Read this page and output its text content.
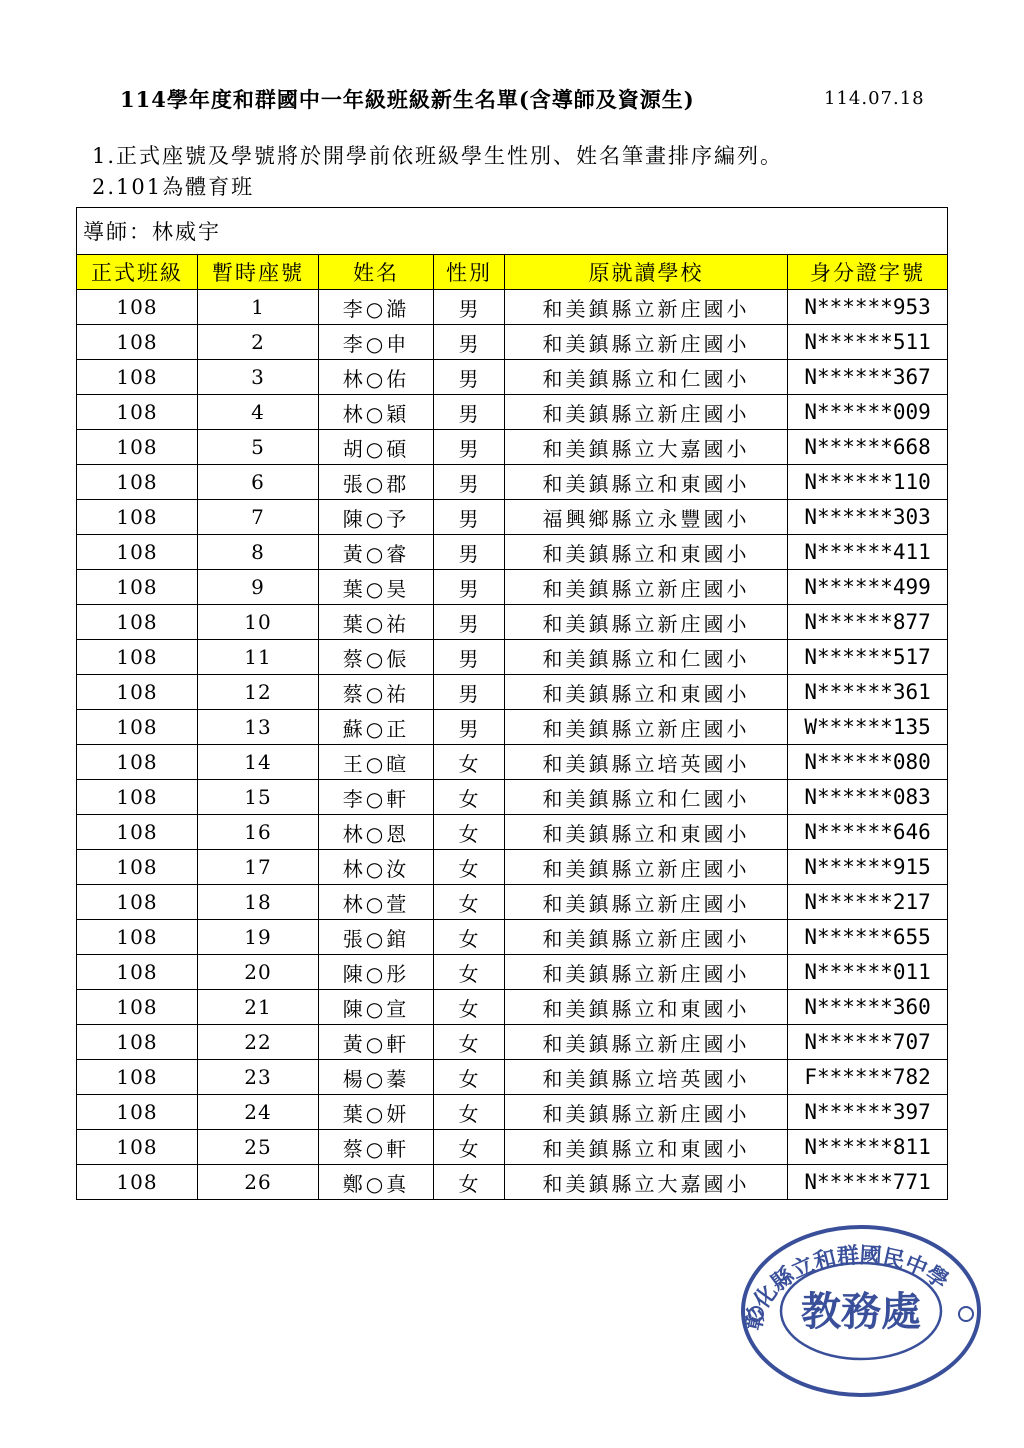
114學年度和群國中一年級班級新生名單(含導師及資源生)	114.07.18
1.正式座號及學號將於開學前依班級學生性別、姓名筆畫排序編列。
2.101為體育班
導師：林威宇					
正式班級	暫時座號	姓名	性別	原就讀學校	身分證字號
108	1	李○澔	男	和美鎮縣立新庄國小	N******953
108	2	李○申	男	和美鎮縣立新庄國小	N******511
108	3	林○佑	男	和美鎮縣立和仁國小	N******367
108	4	林○穎	男	和美鎮縣立新庄國小	N******009
108	5	胡○碩	男	和美鎮縣立大嘉國小	N******668
108	6	張○郡	男	和美鎮縣立和東國小	N******110
108	7	陳○予	男	福興鄉縣立永豐國小	N******303
108	8	黃○睿	男	和美鎮縣立和東國小	N******411
108	9	葉○昊	男	和美鎮縣立新庄國小	N******499
108	10	葉○祐	男	和美鎮縣立新庄國小	N******877
108	11	蔡○侲	男	和美鎮縣立和仁國小	N******517
108	12	蔡○祐	男	和美鎮縣立和東國小	N******361
108	13	蘇○正	男	和美鎮縣立新庄國小	W******135
108	14	王○暄	女	和美鎮縣立培英國小	N******080
108	15	李○軒	女	和美鎮縣立和仁國小	N******083
108	16	林○恩	女	和美鎮縣立和東國小	N******646
108	17	林○汝	女	和美鎮縣立新庄國小	N******915
108	18	林○萱	女	和美鎮縣立新庄國小	N******217
108	19	張○錧	女	和美鎮縣立新庄國小	N******655
108	20	陳○彤	女	和美鎮縣立新庄國小	N******011
108	21	陳○宣	女	和美鎮縣立和東國小	N******360
108	22	黃○軒	女	和美鎮縣立新庄國小	N******707
108	23	楊○蓁	女	和美鎮縣立培英國小	F******782
108	24	葉○妍	女	和美鎮縣立新庄國小	N******397
108	25	蔡○軒	女	和美鎮縣立和東國小	N******811
108	26	鄭○真	女	和美鎮縣立大嘉國小	N******771
教務處
彰化縣立和群國民中學
